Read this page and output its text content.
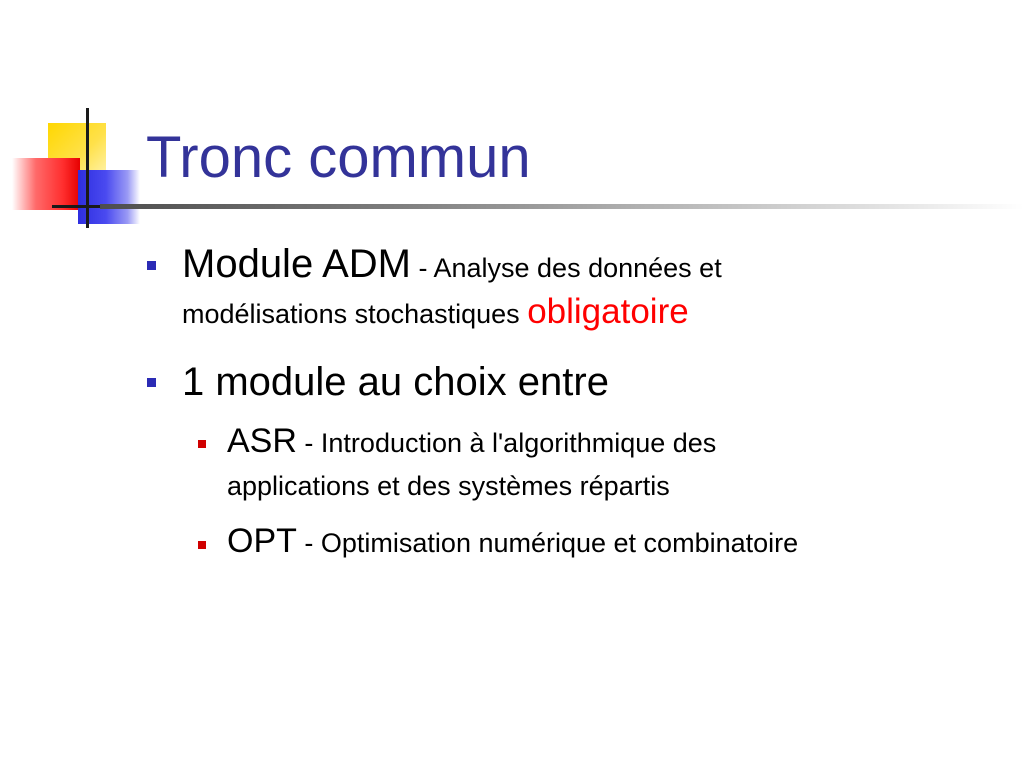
Tronc commun
Module ADM - Analyse des données et
modélisations stochastiques obligatoire
1 module au choix entre
ASR - Introduction à l'algorithmique des
applications et des systèmes répartis
OPT - Optimisation numérique et combinatoire
